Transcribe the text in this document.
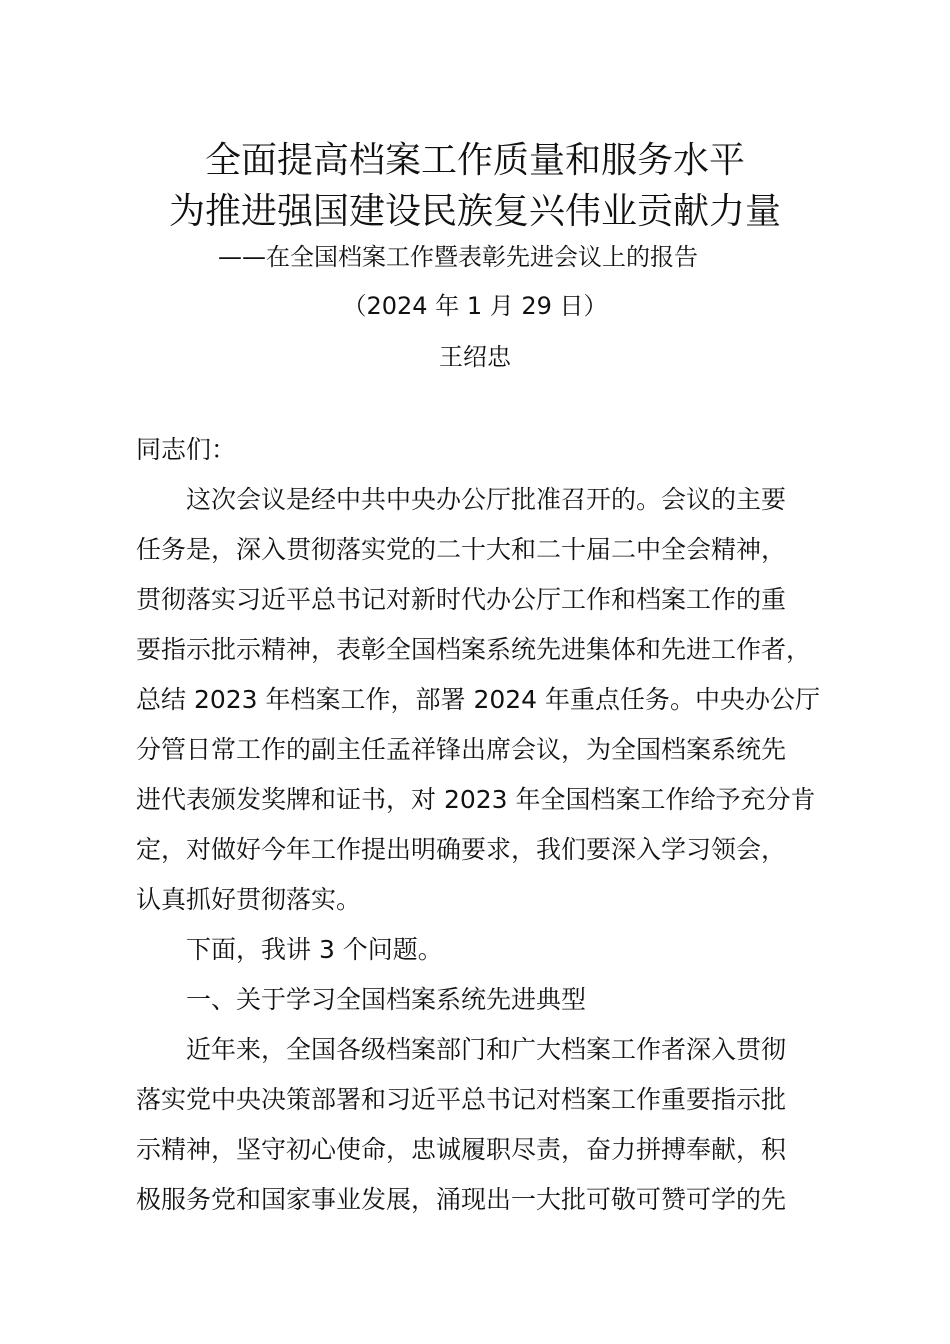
全面提高档案工作质量和服务水平
为推进强国建设民族复兴伟业贡献力量

——在全国档案工作暨表彰先进会议上的报告

（2024 年 1 月 29 日）

王绍忠

同志们：

　　这次会议是经中共中央办公厅批准召开的。会议的主要
任务是，深入贯彻落实党的二十大和二十届二中全会精神，
贯彻落实习近平总书记对新时代办公厅工作和档案工作的重
要指示批示精神，表彰全国档案系统先进集体和先进工作者，
总结 2023 年档案工作，部署 2024 年重点任务。中央办公厅
分管日常工作的副主任孟祥锋出席会议，为全国档案系统先
进代表颁发奖牌和证书，对 2023 年全国档案工作给予充分肯
定，对做好今年工作提出明确要求，我们要深入学习领会，
认真抓好贯彻落实。

　　下面，我讲 3 个问题。

　　一、关于学习全国档案系统先进典型

　　近年来，全国各级档案部门和广大档案工作者深入贯彻
落实党中央决策部署和习近平总书记对档案工作重要指示批
示精神，坚守初心使命，忠诚履职尽责，奋力拼搏奉献，积
极服务党和国家事业发展，涌现出一大批可敬可赞可学的先
